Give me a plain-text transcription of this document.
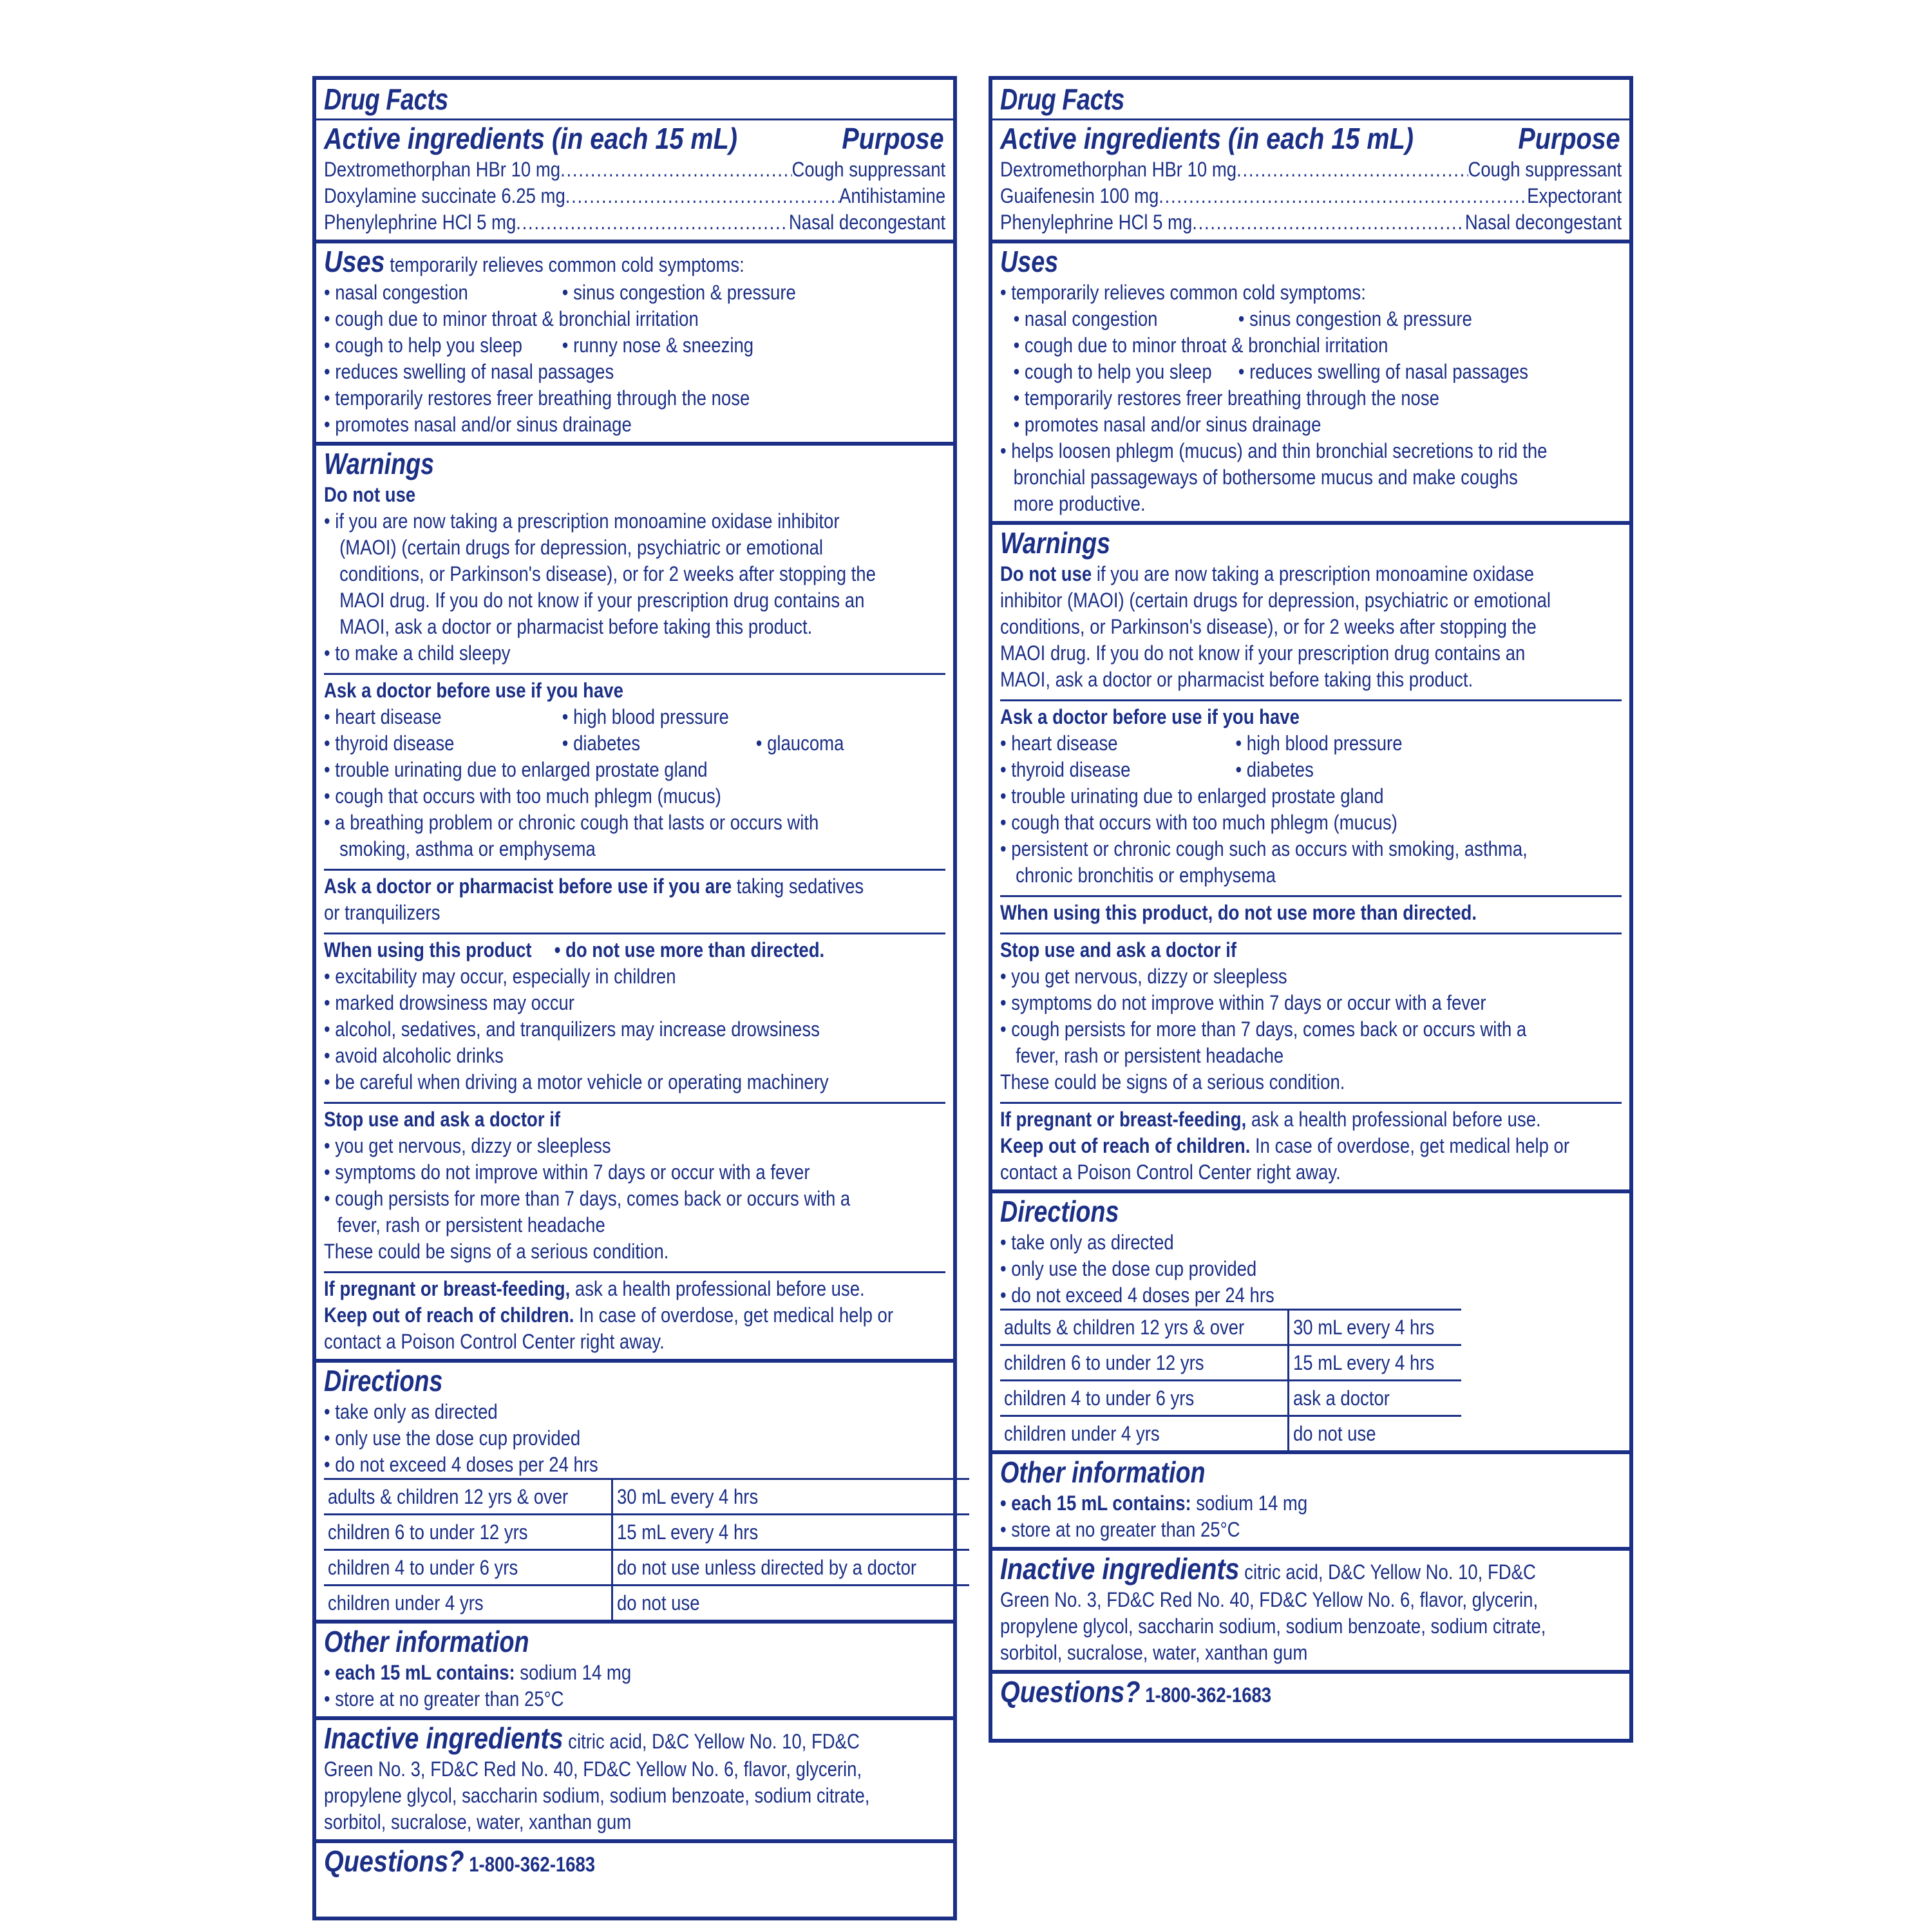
Drug Facts
Active ingredients (in each 15 mL)	Purpose
Dextromethorphan HBr 10 mg .....	Cough suppressant
Doxylamine succinate 6.25 mg .....	Antihistamine
Phenylephrine HCl 5 mg .....	Nasal decongestant
Uses temporarily relieves common cold symptoms:
• nasal congestion	• sinus congestion & pressure
• cough due to minor throat & bronchial irritation
• cough to help you sleep	• runny nose & sneezing
• reduces swelling of nasal passages
• temporarily restores freer breathing through the nose
• promotes nasal and/or sinus drainage
Warnings
Do not use
• if you are now taking a prescription monoamine oxidase inhibitor
(MAOI) (certain drugs for depression, psychiatric or emotional
conditions, or Parkinson's disease), or for 2 weeks after stopping the
MAOI drug. If you do not know if your prescription drug contains an
MAOI, ask a doctor or pharmacist before taking this product.
• to make a child sleepy
Ask a doctor before use if you have
• heart disease	• high blood pressure
• thyroid disease	• diabetes	• glaucoma
• trouble urinating due to enlarged prostate gland
• cough that occurs with too much phlegm (mucus)
• a breathing problem or chronic cough that lasts or occurs with
smoking, asthma or emphysema
Ask a doctor or pharmacist before use if you are taking sedatives
or tranquilizers
When using this product	• do not use more than directed.
• excitability may occur, especially in children
• marked drowsiness may occur
• alcohol, sedatives, and tranquilizers may increase drowsiness
• avoid alcoholic drinks
• be careful when driving a motor vehicle or operating machinery
Stop use and ask a doctor if
• you get nervous, dizzy or sleepless
• symptoms do not improve within 7 days or occur with a fever
• cough persists for more than 7 days, comes back or occurs with a
fever, rash or persistent headache
These could be signs of a serious condition.
If pregnant or breast-feeding, ask a health professional before use.
Keep out of reach of children. In case of overdose, get medical help or
contact a Poison Control Center right away.
Directions
• take only as directed
• only use the dose cup provided
• do not exceed 4 doses per 24 hrs
adults & children 12 yrs & over	30 mL every 4 hrs
children 6 to under 12 yrs	15 mL every 4 hrs
children 4 to under 6 yrs	do not use unless directed by a doctor
children under 4 yrs	do not use
Other information
• each 15 mL contains: sodium 14 mg
• store at no greater than 25°C
Inactive ingredients citric acid, D&C Yellow No. 10, FD&C
Green No. 3, FD&C Red No. 40, FD&C Yellow No. 6, flavor, glycerin,
propylene glycol, saccharin sodium, sodium benzoate, sodium citrate,
sorbitol, sucralose, water, xanthan gum
Questions? 1-800-362-1683
Drug Facts
Active ingredients (in each 15 mL)	Purpose
Dextromethorphan HBr 10 mg .....	Cough suppressant
Guaifenesin 100 mg .....	Expectorant
Phenylephrine HCl 5 mg .....	Nasal decongestant
Uses
• temporarily relieves common cold symptoms:
• nasal congestion	• sinus congestion & pressure
• cough due to minor throat & bronchial irritation
• cough to help you sleep	• reduces swelling of nasal passages
• temporarily restores freer breathing through the nose
• promotes nasal and/or sinus drainage
• helps loosen phlegm (mucus) and thin bronchial secretions to rid the
bronchial passageways of bothersome mucus and make coughs
more productive.
Warnings
Do not use if you are now taking a prescription monoamine oxidase
inhibitor (MAOI) (certain drugs for depression, psychiatric or emotional
conditions, or Parkinson's disease), or for 2 weeks after stopping the
MAOI drug. If you do not know if your prescription drug contains an
MAOI, ask a doctor or pharmacist before taking this product.
Ask a doctor before use if you have
• heart disease	• high blood pressure
• thyroid disease	• diabetes
• trouble urinating due to enlarged prostate gland
• cough that occurs with too much phlegm (mucus)
• persistent or chronic cough such as occurs with smoking, asthma,
chronic bronchitis or emphysema
When using this product, do not use more than directed.
Stop use and ask a doctor if
• you get nervous, dizzy or sleepless
• symptoms do not improve within 7 days or occur with a fever
• cough persists for more than 7 days, comes back or occurs with a
fever, rash or persistent headache
These could be signs of a serious condition.
If pregnant or breast-feeding, ask a health professional before use.
Keep out of reach of children. In case of overdose, get medical help or
contact a Poison Control Center right away.
Directions
• take only as directed
• only use the dose cup provided
• do not exceed 4 doses per 24 hrs
adults & children 12 yrs & over	30 mL every 4 hrs
children 6 to under 12 yrs	15 mL every 4 hrs
children 4 to under 6 yrs	ask a doctor
children under 4 yrs	do not use
Other information
• each 15 mL contains: sodium 14 mg
• store at no greater than 25°C
Inactive ingredients citric acid, D&C Yellow No. 10, FD&C
Green No. 3, FD&C Red No. 40, FD&C Yellow No. 6, flavor, glycerin,
propylene glycol, saccharin sodium, sodium benzoate, sodium citrate,
sorbitol, sucralose, water, xanthan gum
Questions? 1-800-362-1683
